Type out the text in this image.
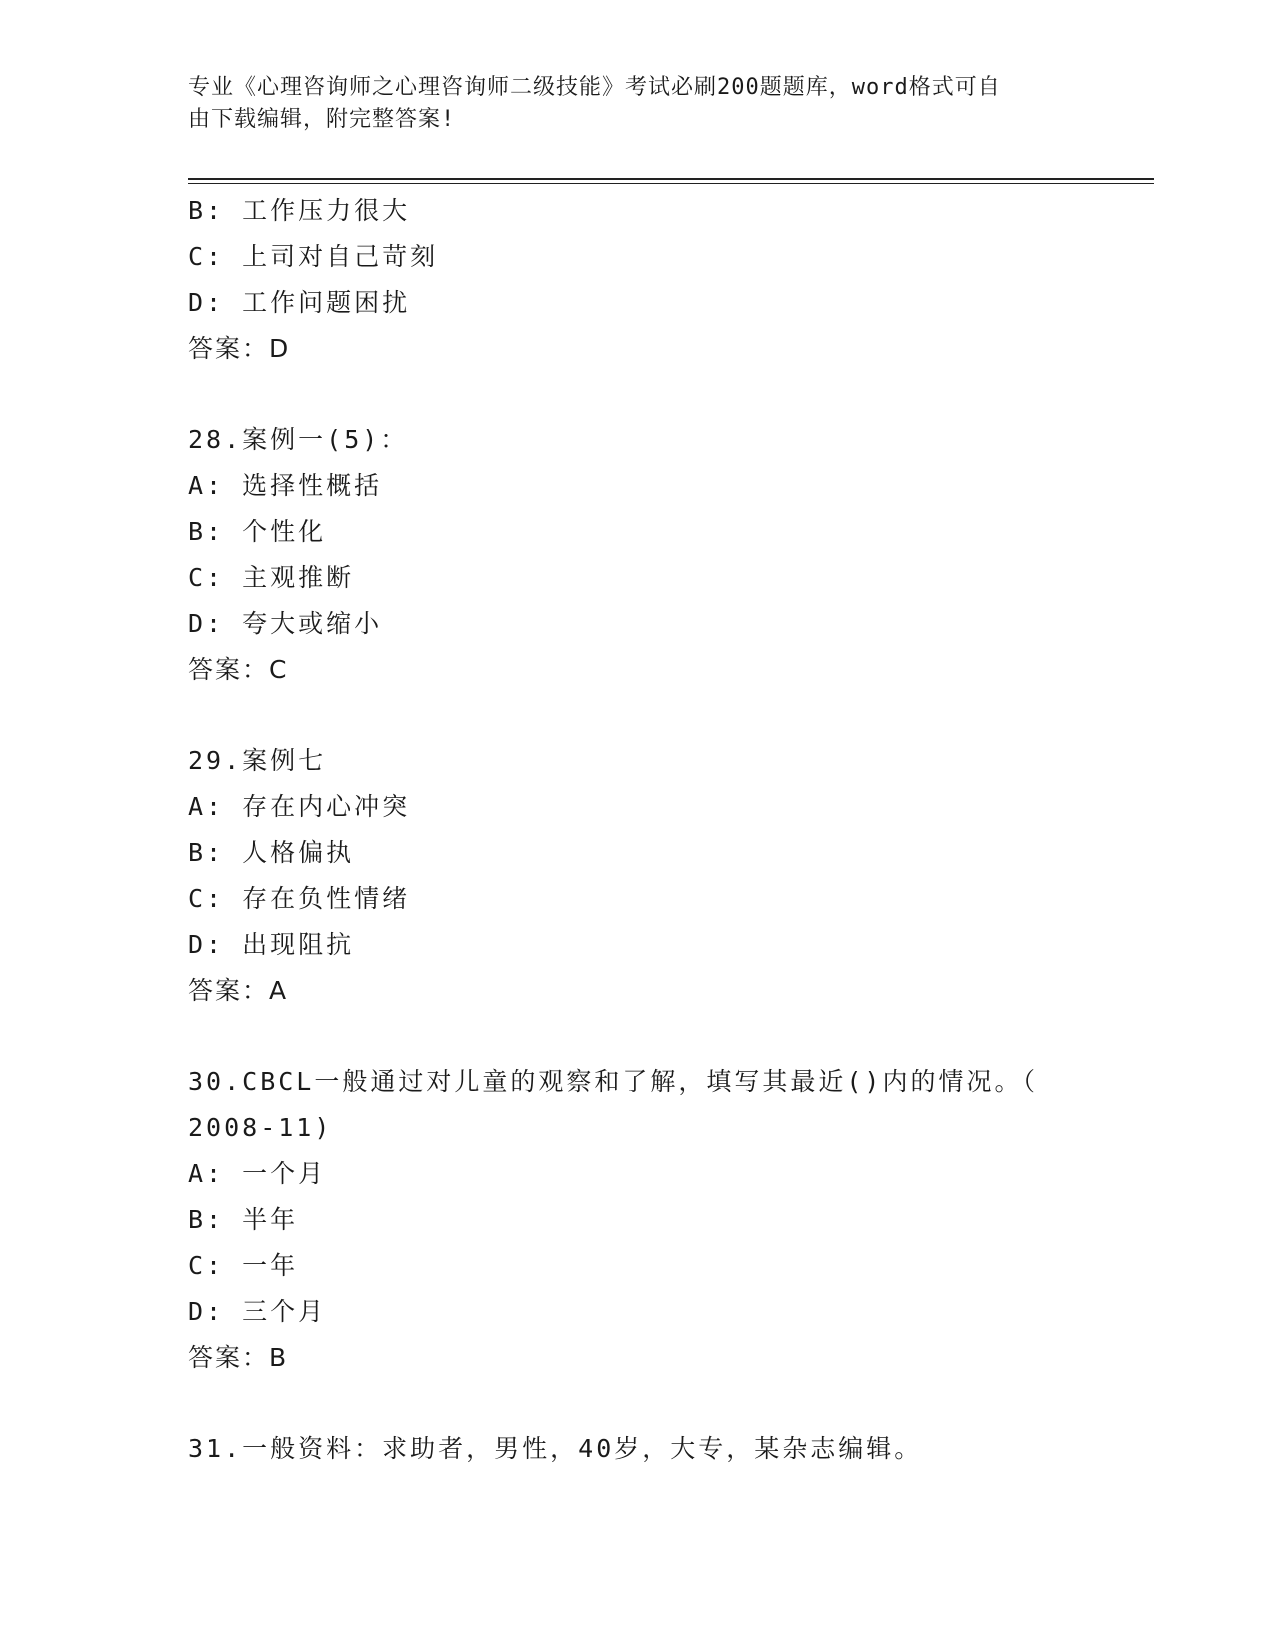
专业《心理咨询师之心理咨询师二级技能》考试必刷200题题库，word格式可自
由下载编辑，附完整答案!
B: 工作压力很大
C: 上司对自己苛刻
D: 工作问题困扰
答案：D
28.案例一(5)：
A: 选择性概括
B: 个性化
C: 主观推断
D: 夸大或缩小
答案：C
29.案例七
A: 存在内心冲突
B: 人格偏执
C: 存在负性情绪
D: 出现阻抗
答案：A
30.CBCL一般通过对儿童的观察和了解，填写其最近()内的情况。（
2008-11)
A: 一个月
B: 半年
C: 一年
D: 三个月
答案：B
31.一般资料：求助者，男性，40岁，大专，某杂志编辑。
